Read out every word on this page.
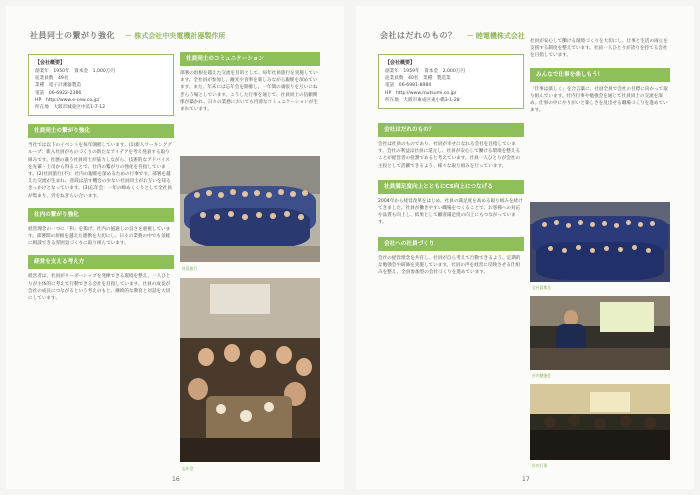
社員同士の繋がり強化 － 株式会社中央電機計器製作所
【会社概要】
創業年　1950年　資本金　1,000万円
従業員数　49名
業種　電子計測器製造
電話　06-6922-2386
HP　http://www.e-cew.co.jp/
所在地　大阪市城東区中浜1-7-12
社員同士の繋がり強化

当社では以下のイベントを毎年開催しています。(1)新人ワーキンググループ：新入社員がものづくりの新たなアイデアを考え発表する取り組みです。社歴の違う社員同士が協力しながら、技術的なアドバイスを先輩・上司から得ることで、社内の繋がりの強化を目指しています。(2)社員旅行(不)：社内の親睦を深めるための行事です。部署を越えた交流が生まれ、普段は話す機会の少ない社員同士がお互いを知るきっかけとなっています。(3)忘年会：一年の締めくくりとして全社員が集まり、労をねぎらい合います。

社内の繋がり強化

経営理念の一つに「和」を掲げ、社内の風通しの良さを重視しています。部署間の垣根を越えた連携を大切にし、日々の業務の中でも気軽に相談できる雰囲気づくりに取り組んでいます。

経営を支える考え方

経営者は、社員がリーダーシップを発揮できる環境を整え、一人ひとりが主体的に考えて行動できる会社を目指しています。社員の成長が会社の成長につながるという考えのもと、継続的な教育と対話を大切にしています。

社員同士のコミュニケーション

部署の垣根を越えた交流を目的として、毎年社員旅行を実施しています。全社員が参加し、観光や食事を楽しみながら親睦を深めています。また、年末には忘年会を開催し、一年間の頑張りを互いにねぎらう場としています。こうした行事を通じて、社員同士の信頼関係が築かれ、日々の業務においても円滑なコミュニケーションが生まれています。

社員旅行
忘年会
16
会社はだれのもの？ － 睦電機株式会社
【会社概要】
創業年　1959年　資本金　2,000万円
従業員数　40名　業種　製造業
電話　06-6981-8984
HP　http://www.mutsumi.co.jp/
所在地　大阪市東成区東小橋3-1-28
会社はだれのもの？

会社は社員のものであり、社員が幸せになれる会社を目指しています。会社の利益は社員に還元し、社員が安心して働ける環境を整えることが経営者の役割であると考えています。社員一人ひとりが会社の主役として活躍できるよう、様々な取り組みを行っています。

社員満足度向上とともにCS向上につなげる

2004年から経営改革をはじめ、社員の満足度を高める取り組みを続けてきました。社員が働きやすい職場をつくることで、お客様への対応や品質も向上し、結果として顧客満足度の向上にもつながっています。

会社への社員づくり

会社の経営理念を共有し、社員が自ら考えて行動できるよう、定期的な勉強会や研修を実施しています。社員の声を経営に反映させる仕組みを整え、全員参加型の会社づくりを進めています。

社員が安心して働ける環境づくりを大切にし、仕事と生活の両立を支援する制度を整えています。社員一人ひとりが誇りを持てる会社を目指しています。

みんなで仕事を楽しもう！

「仕事は楽しく」を合言葉に、社員全員で会社の目標に向かって取り組んでいます。社内行事や勉強会を通じて社員同士の交流を深め、仕事の中にやりがいと楽しさを見出せる職場づくりを進めています。

全社員集合
社内勉強会
社内行事
17
